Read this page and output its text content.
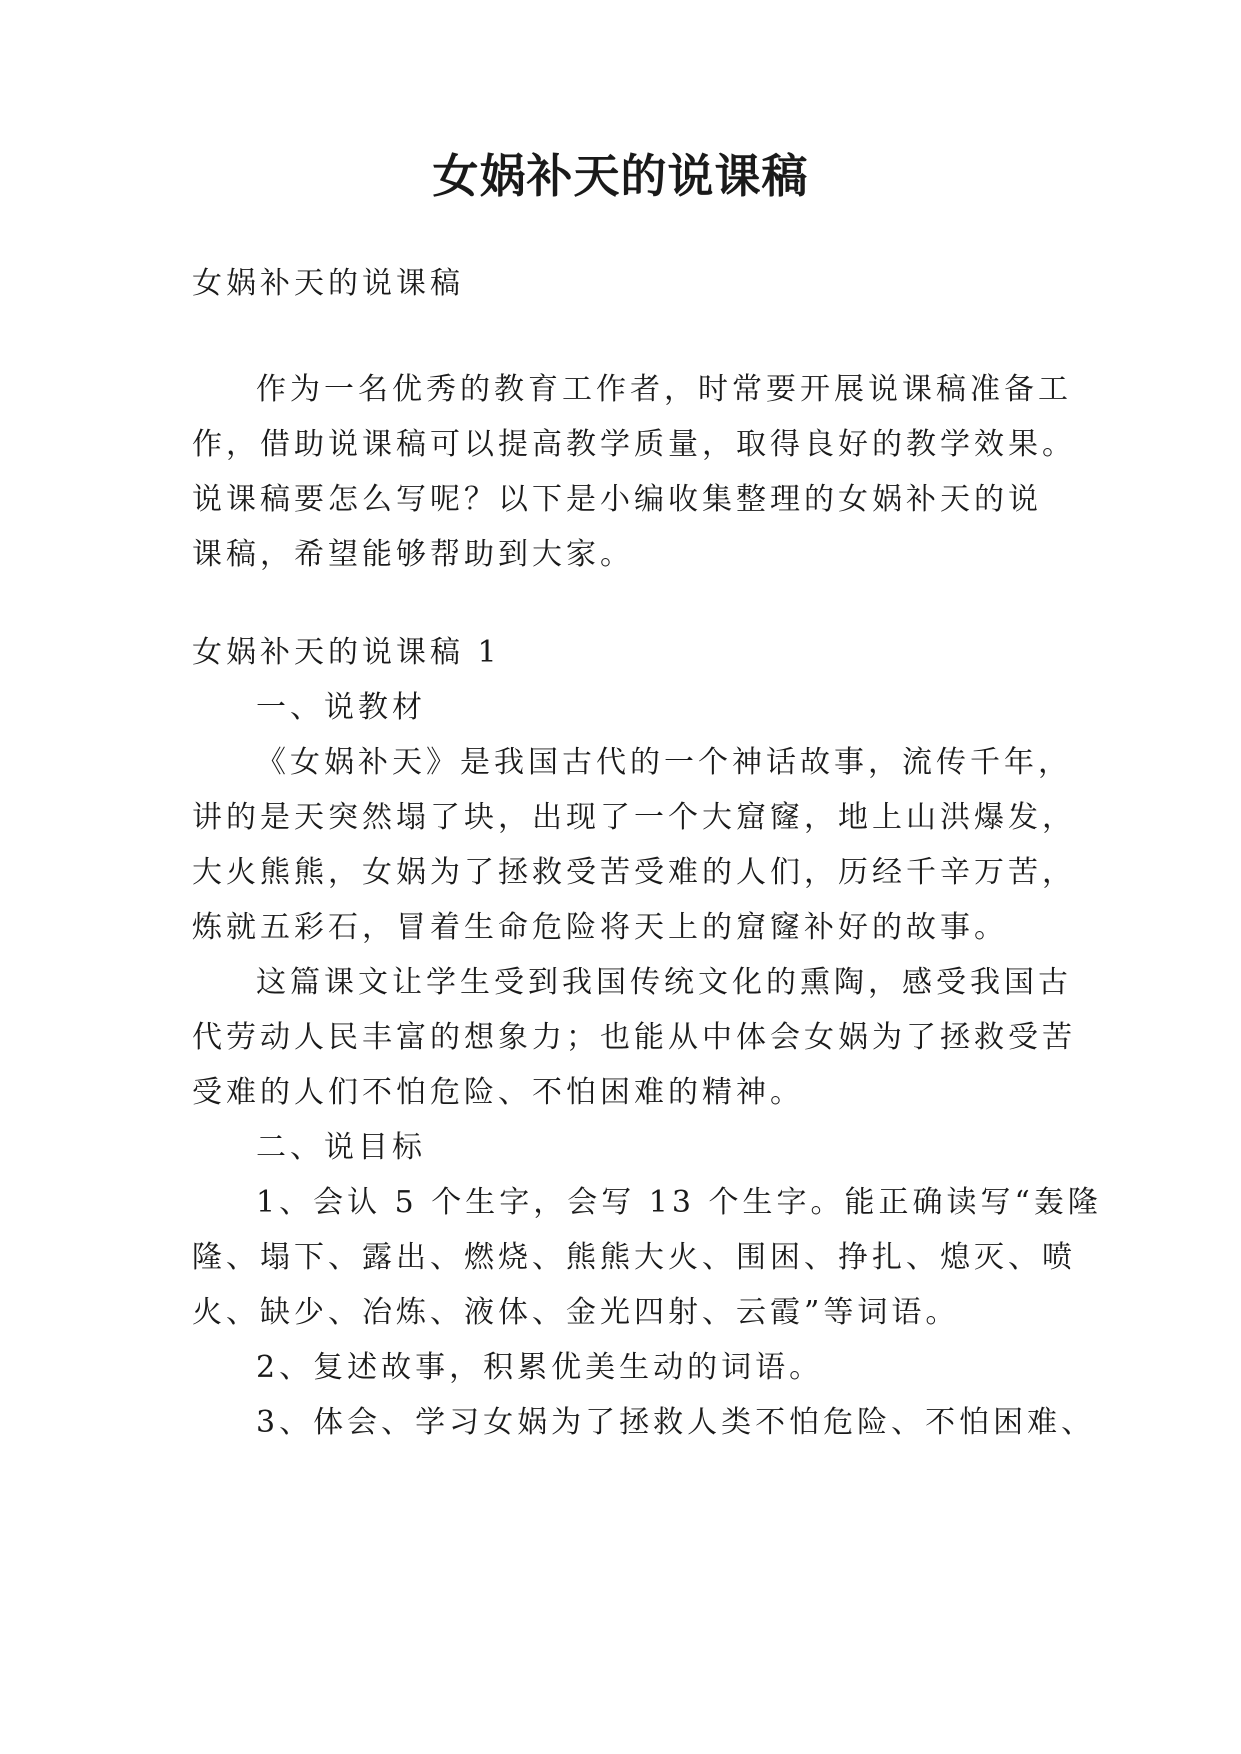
女娲补天的说课稿
女娲补天的说课稿
作为一名优秀的教育工作者，时常要开展说课稿准备工
作，借助说课稿可以提高教学质量，取得良好的教学效果。
说课稿要怎么写呢？以下是小编收集整理的女娲补天的说
课稿，希望能够帮助到大家。
女娲补天的说课稿 1
一、说教材
《女娲补天》是我国古代的一个神话故事，流传千年，
讲的是天突然塌了块，出现了一个大窟窿，地上山洪爆发，
大火熊熊，女娲为了拯救受苦受难的人们，历经千辛万苦，
炼就五彩石，冒着生命危险将天上的窟窿补好的故事。
这篇课文让学生受到我国传统文化的熏陶，感受我国古
代劳动人民丰富的想象力；也能从中体会女娲为了拯救受苦
受难的人们不怕危险、不怕困难的精神。
二、说目标
1、会认 5 个生字，会写 13 个生字。能正确读写“轰隆
隆、塌下、露出、燃烧、熊熊大火、围困、挣扎、熄灭、喷
火、缺少、冶炼、液体、金光四射、云霞”等词语。
2、复述故事，积累优美生动的词语。
3、体会、学习女娲为了拯救人类不怕危险、不怕困难、
